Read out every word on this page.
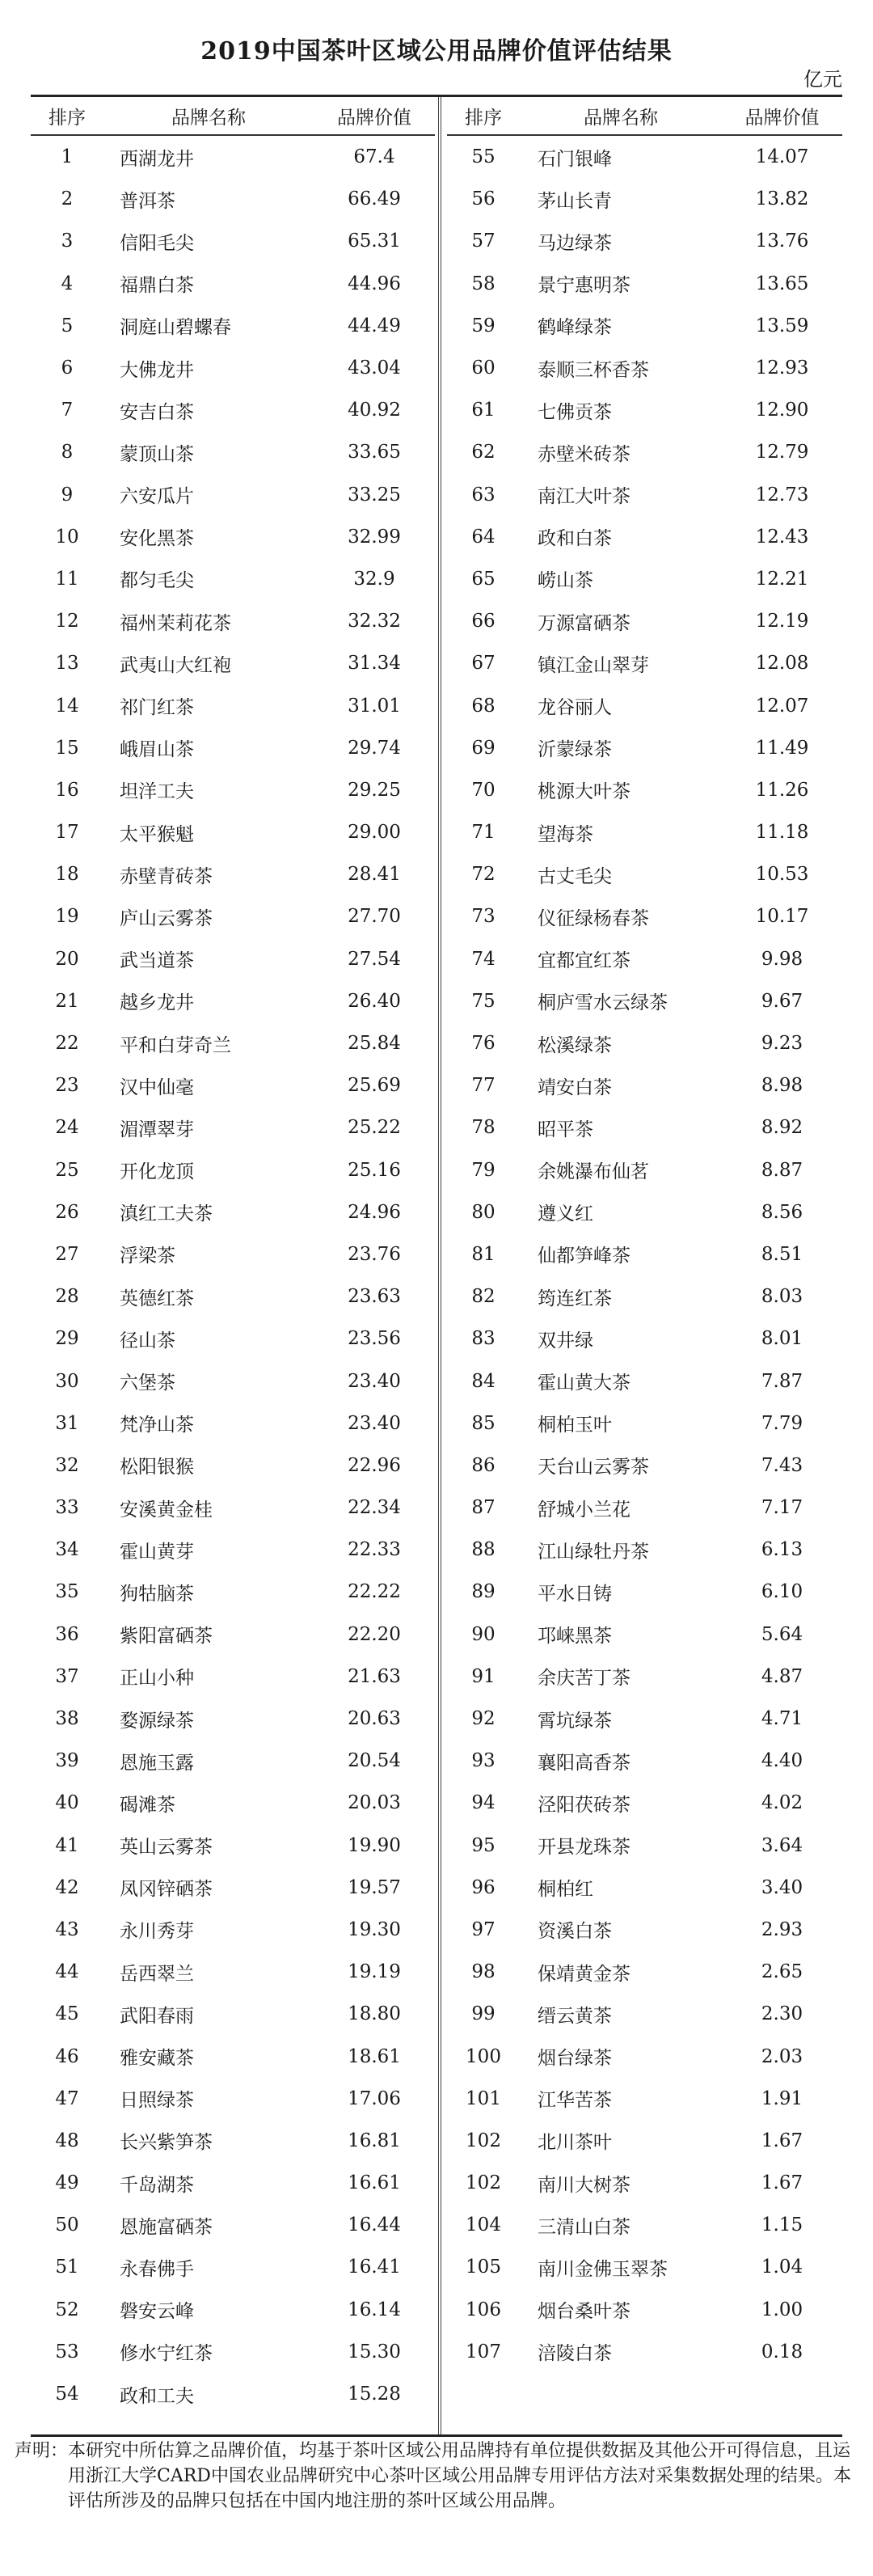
2019中国茶叶区域公用品牌价值评估结果
亿元
排序	品牌名称	品牌价值
1	西湖龙井	67.4
2	普洱茶	66.49
3	信阳毛尖	65.31
4	福鼎白茶	44.96
5	洞庭山碧螺春	44.49
6	大佛龙井	43.04
7	安吉白茶	40.92
8	蒙顶山茶	33.65
9	六安瓜片	33.25
10	安化黑茶	32.99
11	都匀毛尖	32.9
12	福州茉莉花茶	32.32
13	武夷山大红袍	31.34
14	祁门红茶	31.01
15	峨眉山茶	29.74
16	坦洋工夫	29.25
17	太平猴魁	29.00
18	赤壁青砖茶	28.41
19	庐山云雾茶	27.70
20	武当道茶	27.54
21	越乡龙井	26.40
22	平和白芽奇兰	25.84
23	汉中仙毫	25.69
24	湄潭翠芽	25.22
25	开化龙顶	25.16
26	滇红工夫茶	24.96
27	浮梁茶	23.76
28	英德红茶	23.63
29	径山茶	23.56
30	六堡茶	23.40
31	梵净山茶	23.40
32	松阳银猴	22.96
33	安溪黄金桂	22.34
34	霍山黄芽	22.33
35	狗牯脑茶	22.22
36	紫阳富硒茶	22.20
37	正山小种	21.63
38	婺源绿茶	20.63
39	恩施玉露	20.54
40	碣滩茶	20.03
41	英山云雾茶	19.90
42	凤冈锌硒茶	19.57
43	永川秀芽	19.30
44	岳西翠兰	19.19
45	武阳春雨	18.80
46	雅安藏茶	18.61
47	日照绿茶	17.06
48	长兴紫笋茶	16.81
49	千岛湖茶	16.61
50	恩施富硒茶	16.44
51	永春佛手	16.41
52	磐安云峰	16.14
53	修水宁红茶	15.30
54	政和工夫	15.28
排序	品牌名称	品牌价值
55	石门银峰	14.07
56	茅山长青	13.82
57	马边绿茶	13.76
58	景宁惠明茶	13.65
59	鹤峰绿茶	13.59
60	泰顺三杯香茶	12.93
61	七佛贡茶	12.90
62	赤壁米砖茶	12.79
63	南江大叶茶	12.73
64	政和白茶	12.43
65	崂山茶	12.21
66	万源富硒茶	12.19
67	镇江金山翠芽	12.08
68	龙谷丽人	12.07
69	沂蒙绿茶	11.49
70	桃源大叶茶	11.26
71	望海茶	11.18
72	古丈毛尖	10.53
73	仪征绿杨春茶	10.17
74	宜都宜红茶	9.98
75	桐庐雪水云绿茶	9.67
76	松溪绿茶	9.23
77	靖安白茶	8.98
78	昭平茶	8.92
79	余姚瀑布仙茗	8.87
80	遵义红	8.56
81	仙都笋峰茶	8.51
82	筠连红茶	8.03
83	双井绿	8.01
84	霍山黄大茶	7.87
85	桐柏玉叶	7.79
86	天台山云雾茶	7.43
87	舒城小兰花	7.17
88	江山绿牡丹茶	6.13
89	平水日铸	6.10
90	邛崃黑茶	5.64
91	余庆苦丁茶	4.87
92	霄坑绿茶	4.71
93	襄阳高香茶	4.40
94	泾阳茯砖茶	4.02
95	开县龙珠茶	3.64
96	桐柏红	3.40
97	资溪白茶	2.93
98	保靖黄金茶	2.65
99	缙云黄茶	2.30
100	烟台绿茶	2.03
101	江华苦茶	1.91
102	北川茶叶	1.67
102	南川大树茶	1.67
104	三清山白茶	1.15
105	南川金佛玉翠茶	1.04
106	烟台桑叶茶	1.00
107	涪陵白茶	0.18
声明： 本研究中所估算之品牌价值，均基于茶叶区域公用品牌持有单位提供数据及其他公开可得信息，且运用浙江大学CARD中国农业品牌研究中心茶叶区域公用品牌专用评估方法对采集数据处理的结果。本评估所涉及的品牌只包括在中国内地注册的茶叶区域公用品牌。
